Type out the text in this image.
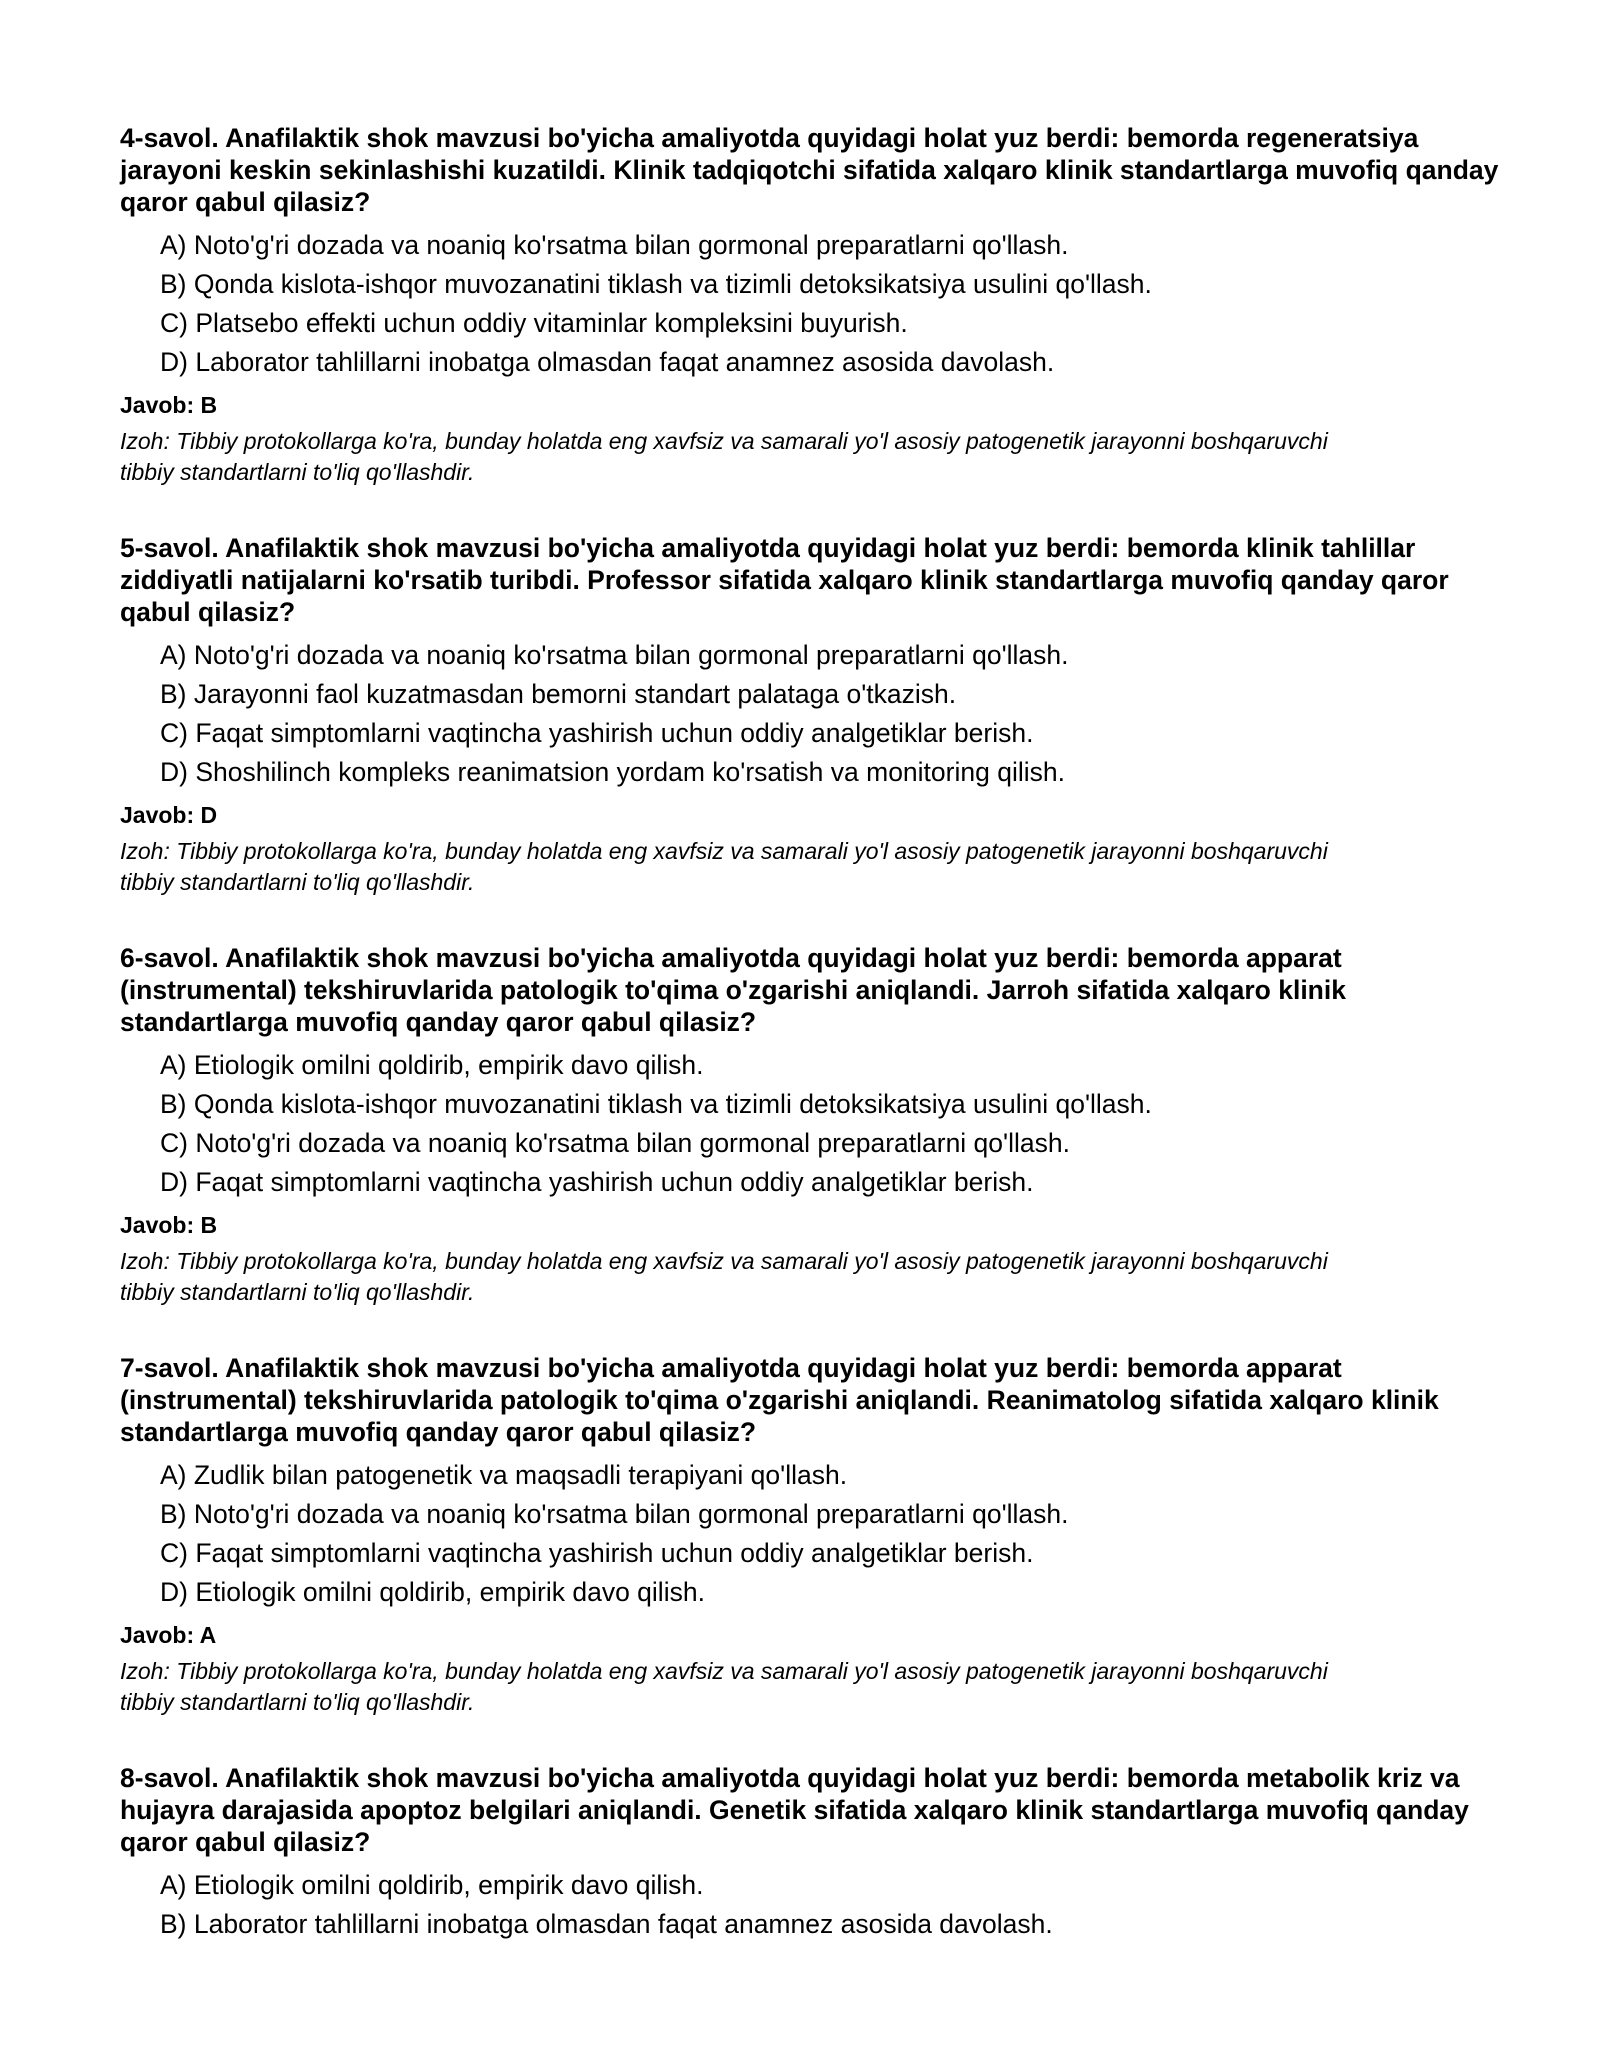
4-savol. Anafilaktik shok mavzusi bo'yicha amaliyotda quyidagi holat yuz berdi: bemorda regeneratsiya jarayoni keskin sekinlashishi kuzatildi. Klinik tadqiqotchi sifatida xalqaro klinik standartlarga muvofiq qanday qaror qabul qilasiz?
A) Noto'g'ri dozada va noaniq ko'rsatma bilan gormonal preparatlarni qo'llash.
B) Qonda kislota-ishqor muvozanatini tiklash va tizimli detoksikatsiya usulini qo'llash.
C) Platsebo effekti uchun oddiy vitaminlar kompleksini buyurish.
D) Laborator tahlillarni inobatga olmasdan faqat anamnez asosida davolash.
Javob: B
Izoh: Tibbiy protokollarga ko'ra, bunday holatda eng xavfsiz va samarali yo'l asosiy patogenetik jarayonni boshqaruvchi tibbiy standartlarni to'liq qo'llashdir.
5-savol. Anafilaktik shok mavzusi bo'yicha amaliyotda quyidagi holat yuz berdi: bemorda klinik tahlillar ziddiyatli natijalarni ko'rsatib turibdi. Professor sifatida xalqaro klinik standartlarga muvofiq qanday qaror qabul qilasiz?
A) Noto'g'ri dozada va noaniq ko'rsatma bilan gormonal preparatlarni qo'llash.
B) Jarayonni faol kuzatmasdan bemorni standart palataga o'tkazish.
C) Faqat simptomlarni vaqtincha yashirish uchun oddiy analgetiklar berish.
D) Shoshilinch kompleks reanimatsion yordam ko'rsatish va monitoring qilish.
Javob: D
Izoh: Tibbiy protokollarga ko'ra, bunday holatda eng xavfsiz va samarali yo'l asosiy patogenetik jarayonni boshqaruvchi tibbiy standartlarni to'liq qo'llashdir.
6-savol. Anafilaktik shok mavzusi bo'yicha amaliyotda quyidagi holat yuz berdi: bemorda apparat (instrumental) tekshiruvlarida patologik to'qima o'zgarishi aniqlandi. Jarroh sifatida xalqaro klinik standartlarga muvofiq qanday qaror qabul qilasiz?
A) Etiologik omilni qoldirib, empirik davo qilish.
B) Qonda kislota-ishqor muvozanatini tiklash va tizimli detoksikatsiya usulini qo'llash.
C) Noto'g'ri dozada va noaniq ko'rsatma bilan gormonal preparatlarni qo'llash.
D) Faqat simptomlarni vaqtincha yashirish uchun oddiy analgetiklar berish.
Javob: B
Izoh: Tibbiy protokollarga ko'ra, bunday holatda eng xavfsiz va samarali yo'l asosiy patogenetik jarayonni boshqaruvchi tibbiy standartlarni to'liq qo'llashdir.
7-savol. Anafilaktik shok mavzusi bo'yicha amaliyotda quyidagi holat yuz berdi: bemorda apparat (instrumental) tekshiruvlarida patologik to'qima o'zgarishi aniqlandi. Reanimatolog sifatida xalqaro klinik standartlarga muvofiq qanday qaror qabul qilasiz?
A) Zudlik bilan patogenetik va maqsadli terapiyani qo'llash.
B) Noto'g'ri dozada va noaniq ko'rsatma bilan gormonal preparatlarni qo'llash.
C) Faqat simptomlarni vaqtincha yashirish uchun oddiy analgetiklar berish.
D) Etiologik omilni qoldirib, empirik davo qilish.
Javob: A
Izoh: Tibbiy protokollarga ko'ra, bunday holatda eng xavfsiz va samarali yo'l asosiy patogenetik jarayonni boshqaruvchi tibbiy standartlarni to'liq qo'llashdir.
8-savol. Anafilaktik shok mavzusi bo'yicha amaliyotda quyidagi holat yuz berdi: bemorda metabolik kriz va hujayra darajasida apoptoz belgilari aniqlandi. Genetik sifatida xalqaro klinik standartlarga muvofiq qanday qaror qabul qilasiz?
A) Etiologik omilni qoldirib, empirik davo qilish.
B) Laborator tahlillarni inobatga olmasdan faqat anamnez asosida davolash.
